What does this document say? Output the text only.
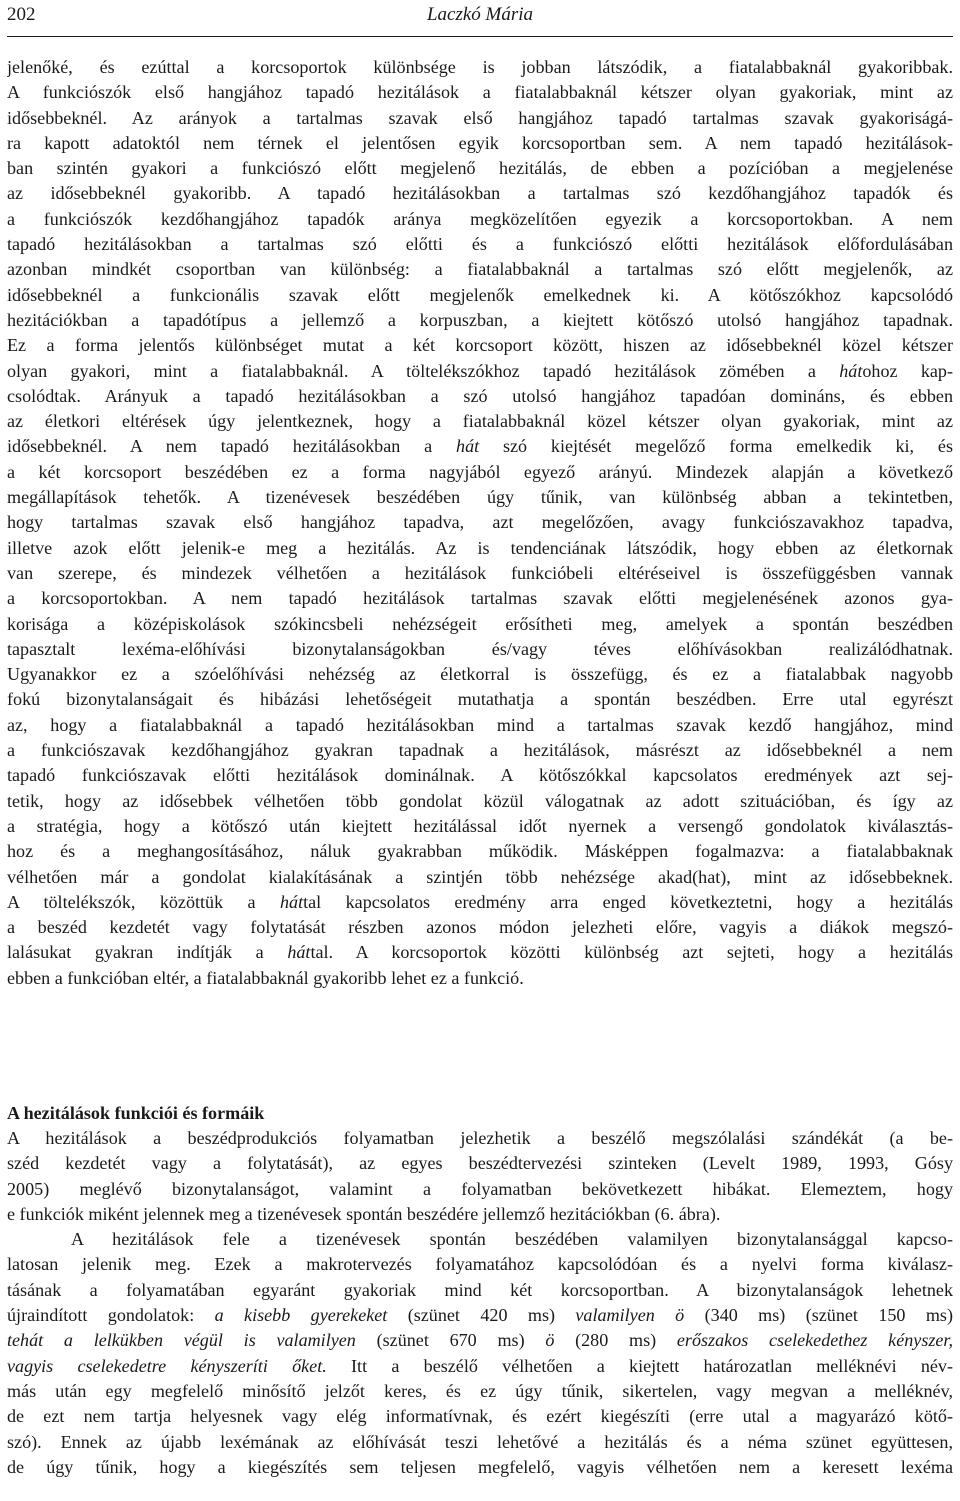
202	Laczkó Mária
jelenőké, és ezúttal a korcsoportok különbsége is jobban látszódik, a fiatalabbaknál gyakoribbak.
A funkciószók első hangjához tapadó hezitálások a fiatalabbaknál kétszer olyan gyakoriak, mint az
idősebbeknél. Az arányok a tartalmas szavak első hangjához tapadó tartalmas szavak gyakoriságá-
ra kapott adatoktól nem térnek el jelentősen egyik korcsoportban sem. A nem tapadó hezitálások-
ban szintén gyakori a funkciószó előtt megjelenő hezitálás, de ebben a pozícióban a megjelenése
az idősebbeknél gyakoribb. A tapadó hezitálásokban a tartalmas szó kezdőhangjához tapadók és
a funkciószók kezdőhangjához tapadók aránya megközelítően egyezik a korcsoportokban. A nem
tapadó hezitálásokban a tartalmas szó előtti és a funkciószó előtti hezitálások előfordulásában
azonban mindkét csoportban van különbség: a fiatalabbaknál a tartalmas szó előtt megjelenők, az
idősebbeknél a funkcionális szavak előtt megjelenők emelkednek ki. A kötőszókhoz kapcsolódó
hezitációkban a tapadótípus a jellemző a korpuszban, a kiejtett kötőszó utolsó hangjához tapadnak.
Ez a forma jelentős különbséget mutat a két korcsoport között, hiszen az idősebbeknél közel kétszer
olyan gyakori, mint a fiatalabbaknál. A töltelékszókhoz tapadó hezitálások zömében a hátohoz kap-
csolódtak. Arányuk a tapadó hezitálásokban a szó utolsó hangjához tapadóan domináns, és ebben
az életkori eltérések úgy jelentkeznek, hogy a fiatalabbaknál közel kétszer olyan gyakoriak, mint az
idősebbeknél. A nem tapadó hezitálásokban a hát szó kiejtését megelőző forma emelkedik ki, és
a két korcsoport beszédében ez a forma nagyjából egyező arányú. Mindezek alapján a következő
megállapítások tehetők. A tizenévesek beszédében úgy tűnik, van különbség abban a tekintetben,
hogy tartalmas szavak első hangjához tapadva, azt megelőzően, avagy funkciószavakhoz tapadva,
illetve azok előtt jelenik-e meg a hezitálás. Az is tendenciának látszódik, hogy ebben az életkornak
van szerepe, és mindezek vélhetően a hezitálások funkcióbeli eltéréseivel is összefüggésben vannak
a korcsoportokban. A nem tapadó hezitálások tartalmas szavak előtti megjelenésének azonos gya-
korisága a középiskolások szókincsbeli nehézségeit erősítheti meg, amelyek a spontán beszédben
tapasztalt lexéma-előhívási bizonytalanságokban és/vagy téves előhívásokban realizálódhatnak.
Ugyanakkor ez a szóelőhívási nehézség az életkorral is összefügg, és ez a fiatalabbak nagyobb
fokú bizonytalanságait és hibázási lehetőségeit mutathatja a spontán beszédben. Erre utal egyrészt
az, hogy a fiatalabbaknál a tapadó hezitálásokban mind a tartalmas szavak kezdő hangjához, mind
a funkciószavak kezdőhangjához gyakran tapadnak a hezitálások, másrészt az idősebbeknél a nem
tapadó funkciószavak előtti hezitálások dominálnak. A kötőszókkal kapcsolatos eredmények azt sej-
tetik, hogy az idősebbek vélhetően több gondolat közül válogatnak az adott szituációban, és így az
a stratégia, hogy a kötőszó után kiejtett hezitálással időt nyernek a versengő gondolatok kiválasztás-
hoz és a meghangosításához, náluk gyakrabban működik. Másképpen fogalmazva: a fiatalabbaknak
vélhetően már a gondolat kialakításának a szintjén több nehézsége akad(hat), mint az idősebbeknek.
A töltelékszók, közöttük a háttal kapcsolatos eredmény arra enged következtetni, hogy a hezitálás
a beszéd kezdetét vagy folytatását részben azonos módon jelezheti előre, vagyis a diákok megszó-
lalásukat gyakran indítják a háttal. A korcsoportok közötti különbség azt sejteti, hogy a hezitálás
ebben a funkcióban eltér, a fiatalabbaknál gyakoribb lehet ez a funkció.
A hezitálások funkciói és formáik
A hezitálások a beszédprodukciós folyamatban jelezhetik a beszélő megszólalási szándékát (a be-
széd kezdetét vagy a folytatását), az egyes beszédtervezési szinteken (Levelt 1989, 1993, Gósy
2005) meglévő bizonytalanságot, valamint a folyamatban bekövetkezett hibákat. Elemeztem, hogy
e funkciók miként jelennek meg a tizenévesek spontán beszédére jellemző hezitációkban (6. ábra).
A hezitálások fele a tizenévesek spontán beszédében valamilyen bizonytalansággal kapcso-
latosan jelenik meg. Ezek a makrotervezés folyamatához kapcsolódóan és a nyelvi forma kiválasz-
tásának a folyamatában egyaránt gyakoriak mind két korcsoportban. A bizonytalanságok lehetnek
újraindított gondolatok: a kisebb gyerekeket (szünet 420 ms) valamilyen ö (340 ms) (szünet 150 ms)
tehát a lelkükben végül is valamilyen (szünet 670 ms) ö (280 ms) erőszakos cselekedethez kényszer,
vagyis cselekedetre kényszeríti őket. Itt a beszélő vélhetően a kiejtett határozatlan melléknévi név-
más után egy megfelelő minősítő jelzőt keres, és ez úgy tűnik, sikertelen, vagy megvan a melléknév,
de ezt nem tartja helyesnek vagy elég informatívnak, és ezért kiegészíti (erre utal a magyarázó kötő-
szó). Ennek az újabb lexémának az előhívását teszi lehetővé a hezitálás és a néma szünet együttesen,
de úgy tűnik, hogy a kiegészítés sem teljesen megfelelő, vagyis vélhetően nem a keresett lexéma
